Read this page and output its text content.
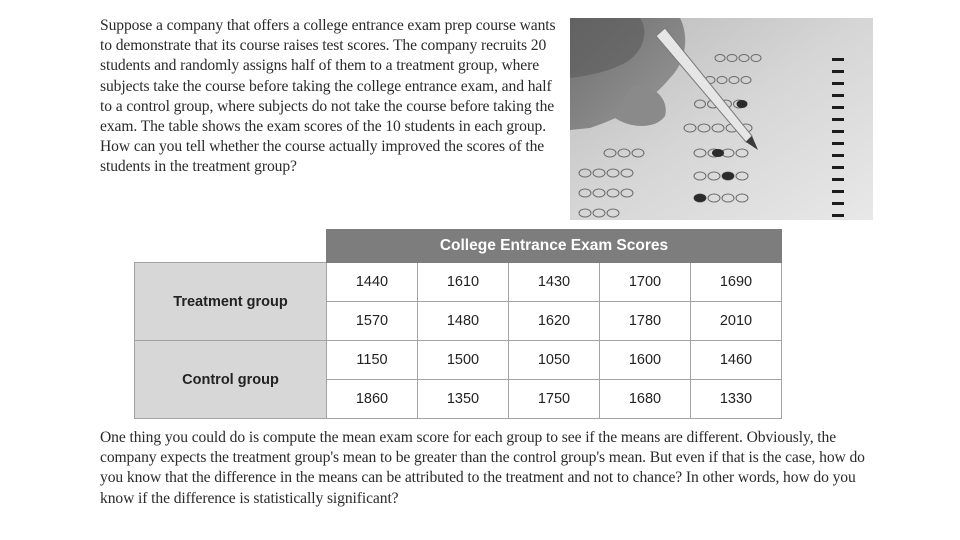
Suppose a company that offers a college entrance exam prep course wants to demonstrate that its course raises test scores. The company recruits 20 students and randomly assigns half of them to a treatment group, where subjects take the course before taking the college entrance exam, and half to a control group, where subjects do not take the course before taking the exam. The table shows the exam scores of the 10 students in each group. How can you tell whether the course actually improved the scores of the students in the treatment group?

	College Entrance Exam Scores				
Treatment group	1440	1610	1430	1700	1690
	1570	1480	1620	1780	2010
Control group	1150	1500	1050	1600	1460
	1860	1350	1750	1680	1330

One thing you could do is compute the mean exam score for each group to see if the means are different. Obviously, the company expects the treatment group's mean to be greater than the control group's mean. But even if that is the case, how do you know that the difference in the means can be attributed to the treatment and not to chance? In other words, how do you know if the difference is statistically significant?
